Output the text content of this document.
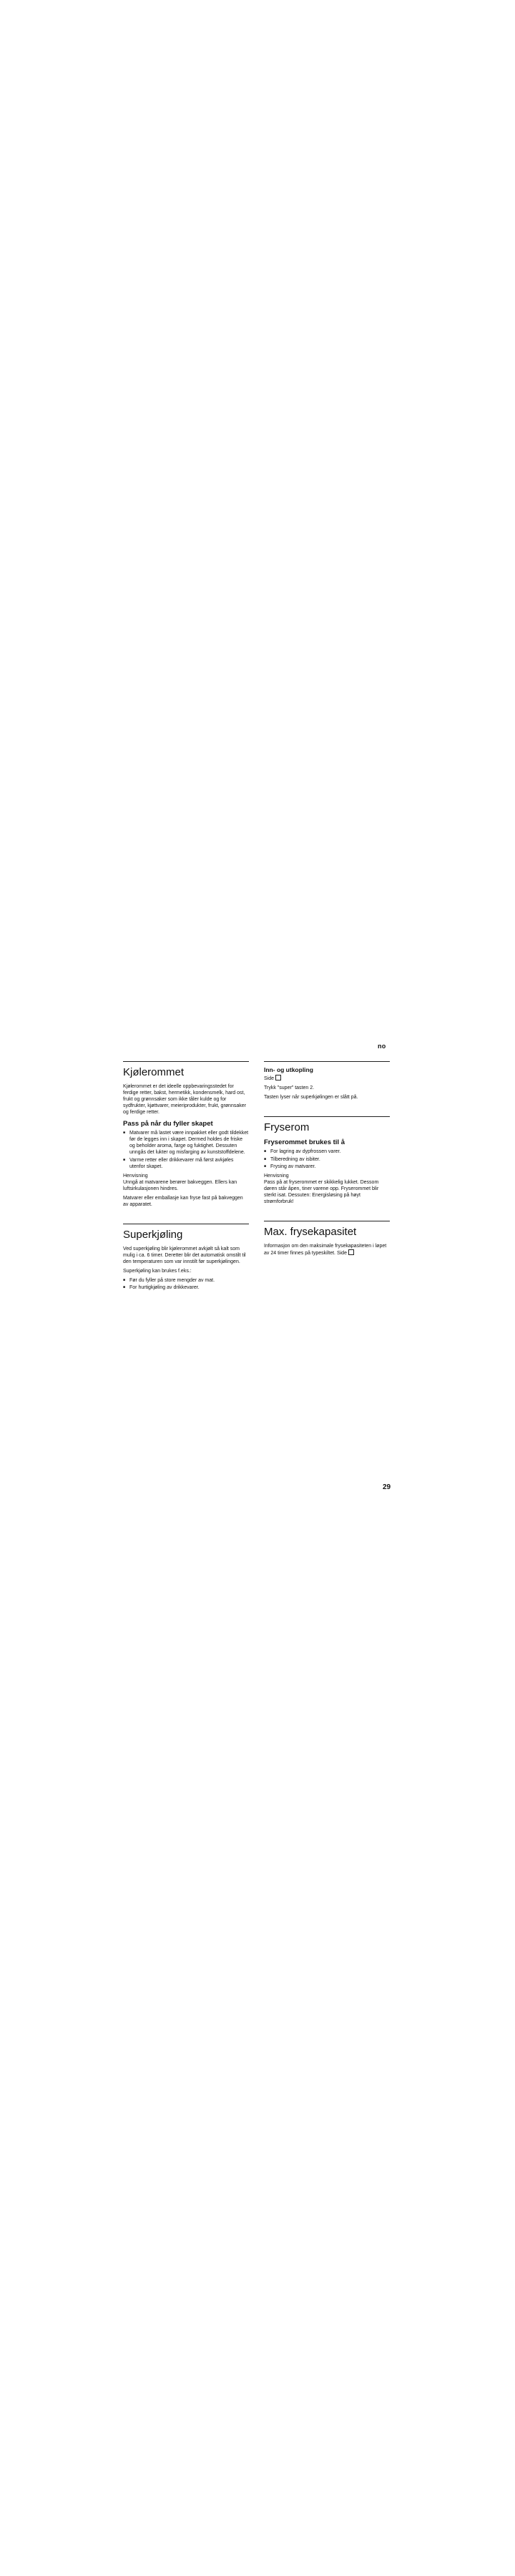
no
Kjølerommet

Kjølerommet er det ideelle oppbevaringsstedet for ferdige retter, bakst, hermetikk, kondensmelk, hard ost, frukt og grønnsaker som ikke tåler kulde og for sydfrukter, kjøttvarer, meieriprodukter, frukt, grønnsaker og ferdige retter.

Pass på når du fyller skapet
■ Matvarer må lastet være innpakket eller godt tildekket før de legges inn i skapet. Dermed holdes de friske og beholder aroma, farge og fuktighet. Dessuten unngås det lukter og misfarging av kunststoffdelene.
■ Varme retter eller drikkevarer må først avkjøles utenfor skapet.
Henvisning

Unngå at matvarene berører bakveggen. Ellers kan luftsirkulasjonen hindres.

Matvarer eller emballasje kan fryse fast på bakveggen av apparatet.

Superkjøling

Ved superkjøling blir kjølerommet avkjølt så kalt som mulig i ca. 6 timer. Deretter blir det automatisk omstilt til den temperaturen som var innstilt før superkjølingen.

Superkjøling kan brukes f.eks.:

■ Før du fyller på store mengder av mat.
■ For hurtigkjøling av drikkevarer.
Inn- og utkopling

Side

Trykk "super" tasten 2.

Tasten lyser når superkjølingen er slått på.

Fryserom
Fryserommet brukes til å
■ For lagring av dypfrossen varer.
■ Tilberedning av isbiter.
■ Frysing av matvarer.
Henvisning

Pass på at fryserommet er skikkelig lukket. Dessom døren står åpen, tiner varene opp. Fryserommet blir sterkt isat. Dessuten: Energisløsing på høyt strømforbruk!

Max. frysekapasitet

Informasjon om den maksimale frysekapasiteten i løpet av 24 timer finnes på typeskiltet. Side

29
